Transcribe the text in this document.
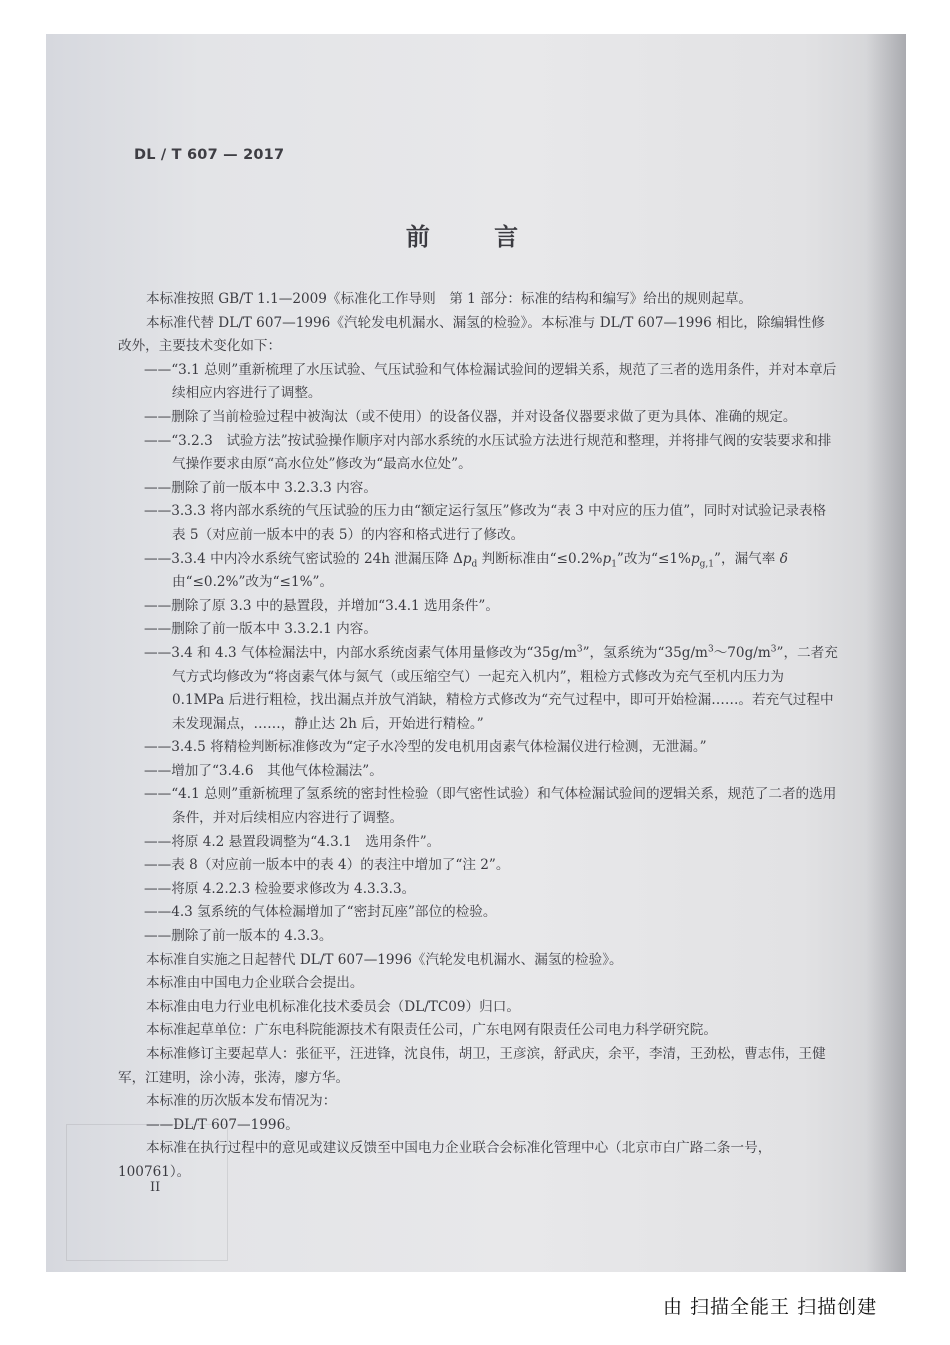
DL / T 607 — 2017
前 言

本标准按照 GB/T 1.1—2009《标准化工作导则　第 1 部分：标准的结构和编写》给出的规则起草。

本标准代替 DL/T 607—1996《汽轮发电机漏水、漏氢的检验》。本标准与 DL/T 607—1996 相比，除编辑性修改外，主要技术变化如下：

——“3.1 总则”重新梳理了水压试验、气压试验和气体检漏试验间的逻辑关系，规范了三者的选用条件，并对本章后续相应内容进行了调整。

——删除了当前检验过程中被淘汰（或不使用）的设备仪器，并对设备仪器要求做了更为具体、准确的规定。

——“3.2.3　试验方法”按试验操作顺序对内部水系统的水压试验方法进行规范和整理，并将排气阀的安装要求和排气操作要求由原“高水位处”修改为“最高水位处”。

——删除了前一版本中 3.2.3.3 内容。

——3.3.3 将内部水系统的气压试验的压力由“额定运行氢压”修改为“表 3 中对应的压力值”，同时对试验记录表格表 5（对应前一版本中的表 5）的内容和格式进行了修改。

——3.3.4 中内冷水系统气密试验的 24h 泄漏压降 $\Delta p_d$ 判断标准由“$\le 0.2\%p_1$”改为“$\le 1\%p_{g,1}$”，漏气率 δ 由“≤0.2%”改为“≤1%”。

——删除了原 3.3 中的悬置段，并增加“3.4.1 选用条件”。

——删除了前一版本中 3.3.2.1 内容。

——3.4 和 4.3 气体检漏法中，内部水系统卤素气体用量修改为“$35g/m^3$”，氢系统为“$35g/m^3\sim 70g/m^3$”，二者充气方式均修改为“将卤素气体与氮气（或压缩空气）一起充入机内”，粗检方式修改为充气至机内压力为 0.1MPa 后进行粗检，找出漏点并放气消缺，精检方式修改为“充气过程中，即可开始检漏……。若充气过程中未发现漏点，……，静止达 2h 后，开始进行精检。”

——3.4.5 将精检判断标准修改为“定子水冷型的发电机用卤素气体检漏仪进行检测，无泄漏。”

——增加了“3.4.6　其他气体检漏法”。

——“4.1 总则”重新梳理了氢系统的密封性检验（即气密性试验）和气体检漏试验间的逻辑关系，规范了二者的选用条件，并对后续相应内容进行了调整。

——将原 4.2 悬置段调整为“4.3.1　选用条件”。

——表 8（对应前一版本中的表 4）的表注中增加了“注 2”。

——将原 4.2.2.3 检验要求修改为 4.3.3.3。

——4.3 氢系统的气体检漏增加了“密封瓦座”部位的检验。

——删除了前一版本的 4.3.3。

本标准自实施之日起替代 DL/T 607—1996《汽轮发电机漏水、漏氢的检验》。

本标准由中国电力企业联合会提出。

本标准由电力行业电机标准化技术委员会（DL/TC09）归口。

本标准起草单位：广东电科院能源技术有限责任公司，广东电网有限责任公司电力科学研究院。

本标准修订主要起草人：张征平，汪进锋，沈良伟，胡卫，王彦滨，舒武庆，余平，李清，王劲松，曹志伟，王健军，江建明，涂小涛，张涛，廖方华。

本标准的历次版本发布情况为：

——DL/T 607—1996。

本标准在执行过程中的意见或建议反馈至中国电力企业联合会标准化管理中心（北京市白广路二条一号，100761）。

II
由 扫描全能王 扫描创建
